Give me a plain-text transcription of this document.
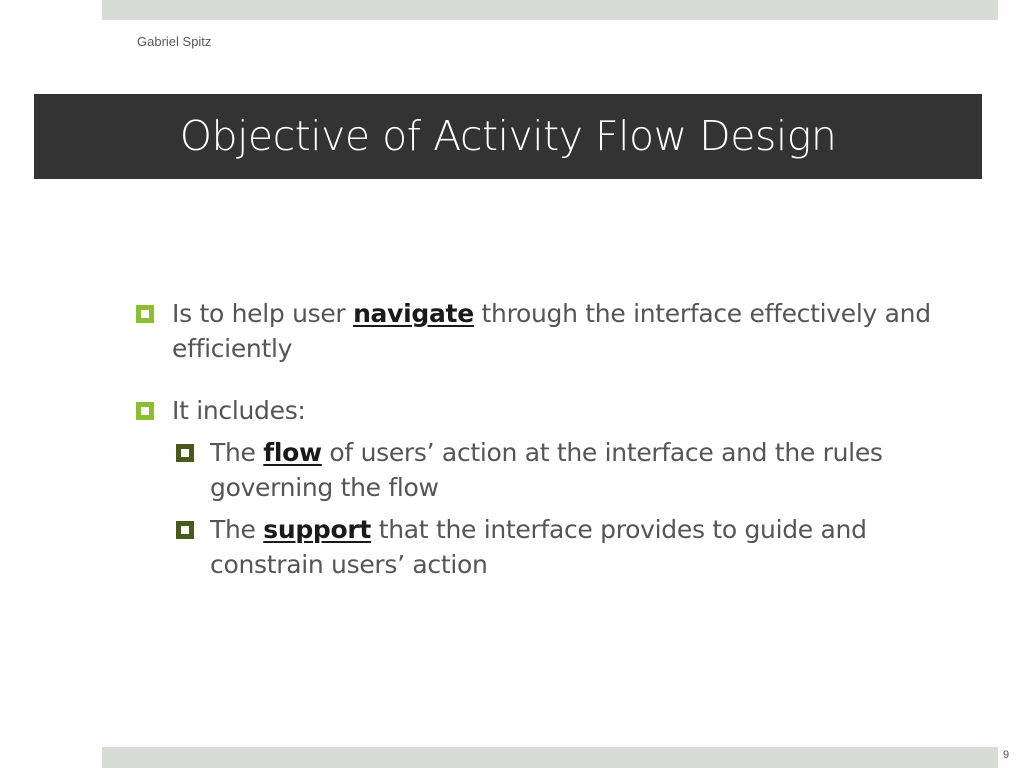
Gabriel Spitz
Objective of Activity Flow Design
Is to help user navigate through the interface effectively and efficiently
It includes:
The flow of users’ action at the interface and the rules governing the flow
The support that the interface provides to guide and constrain users’ action
9
